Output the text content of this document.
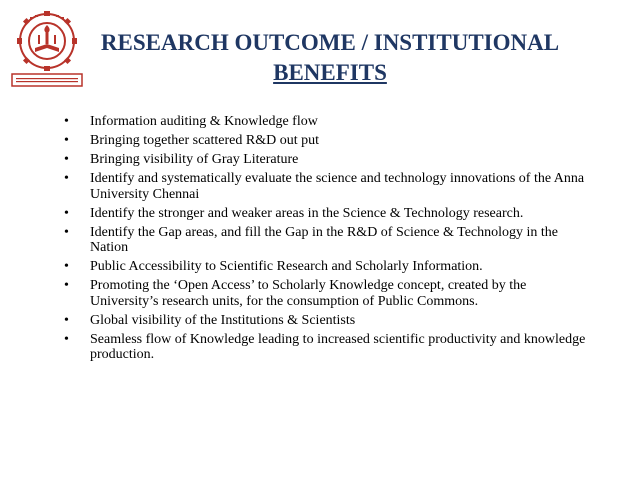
RESEARCH OUTCOME / INSTITUTIONAL
BENEFITS
• Information auditing & Knowledge flow
• Bringing together scattered R&D out put
• Bringing visibility of Gray Literature
• Identify and systematically evaluate the science and technology innovations of the Anna University Chennai
• Identify the stronger and weaker areas in the Science & Technology research.
• Identify the Gap areas, and fill the Gap in the R&D of Science & Technology in the Nation
• Public Accessibility to Scientific Research and Scholarly Information.
• Promoting the ‘Open Access’ to Scholarly Knowledge concept, created by the University’s research units, for the consumption of Public Commons.
• Global visibility of the Institutions & Scientists
• Seamless flow of Knowledge leading to increased scientific productivity and knowledge production.
